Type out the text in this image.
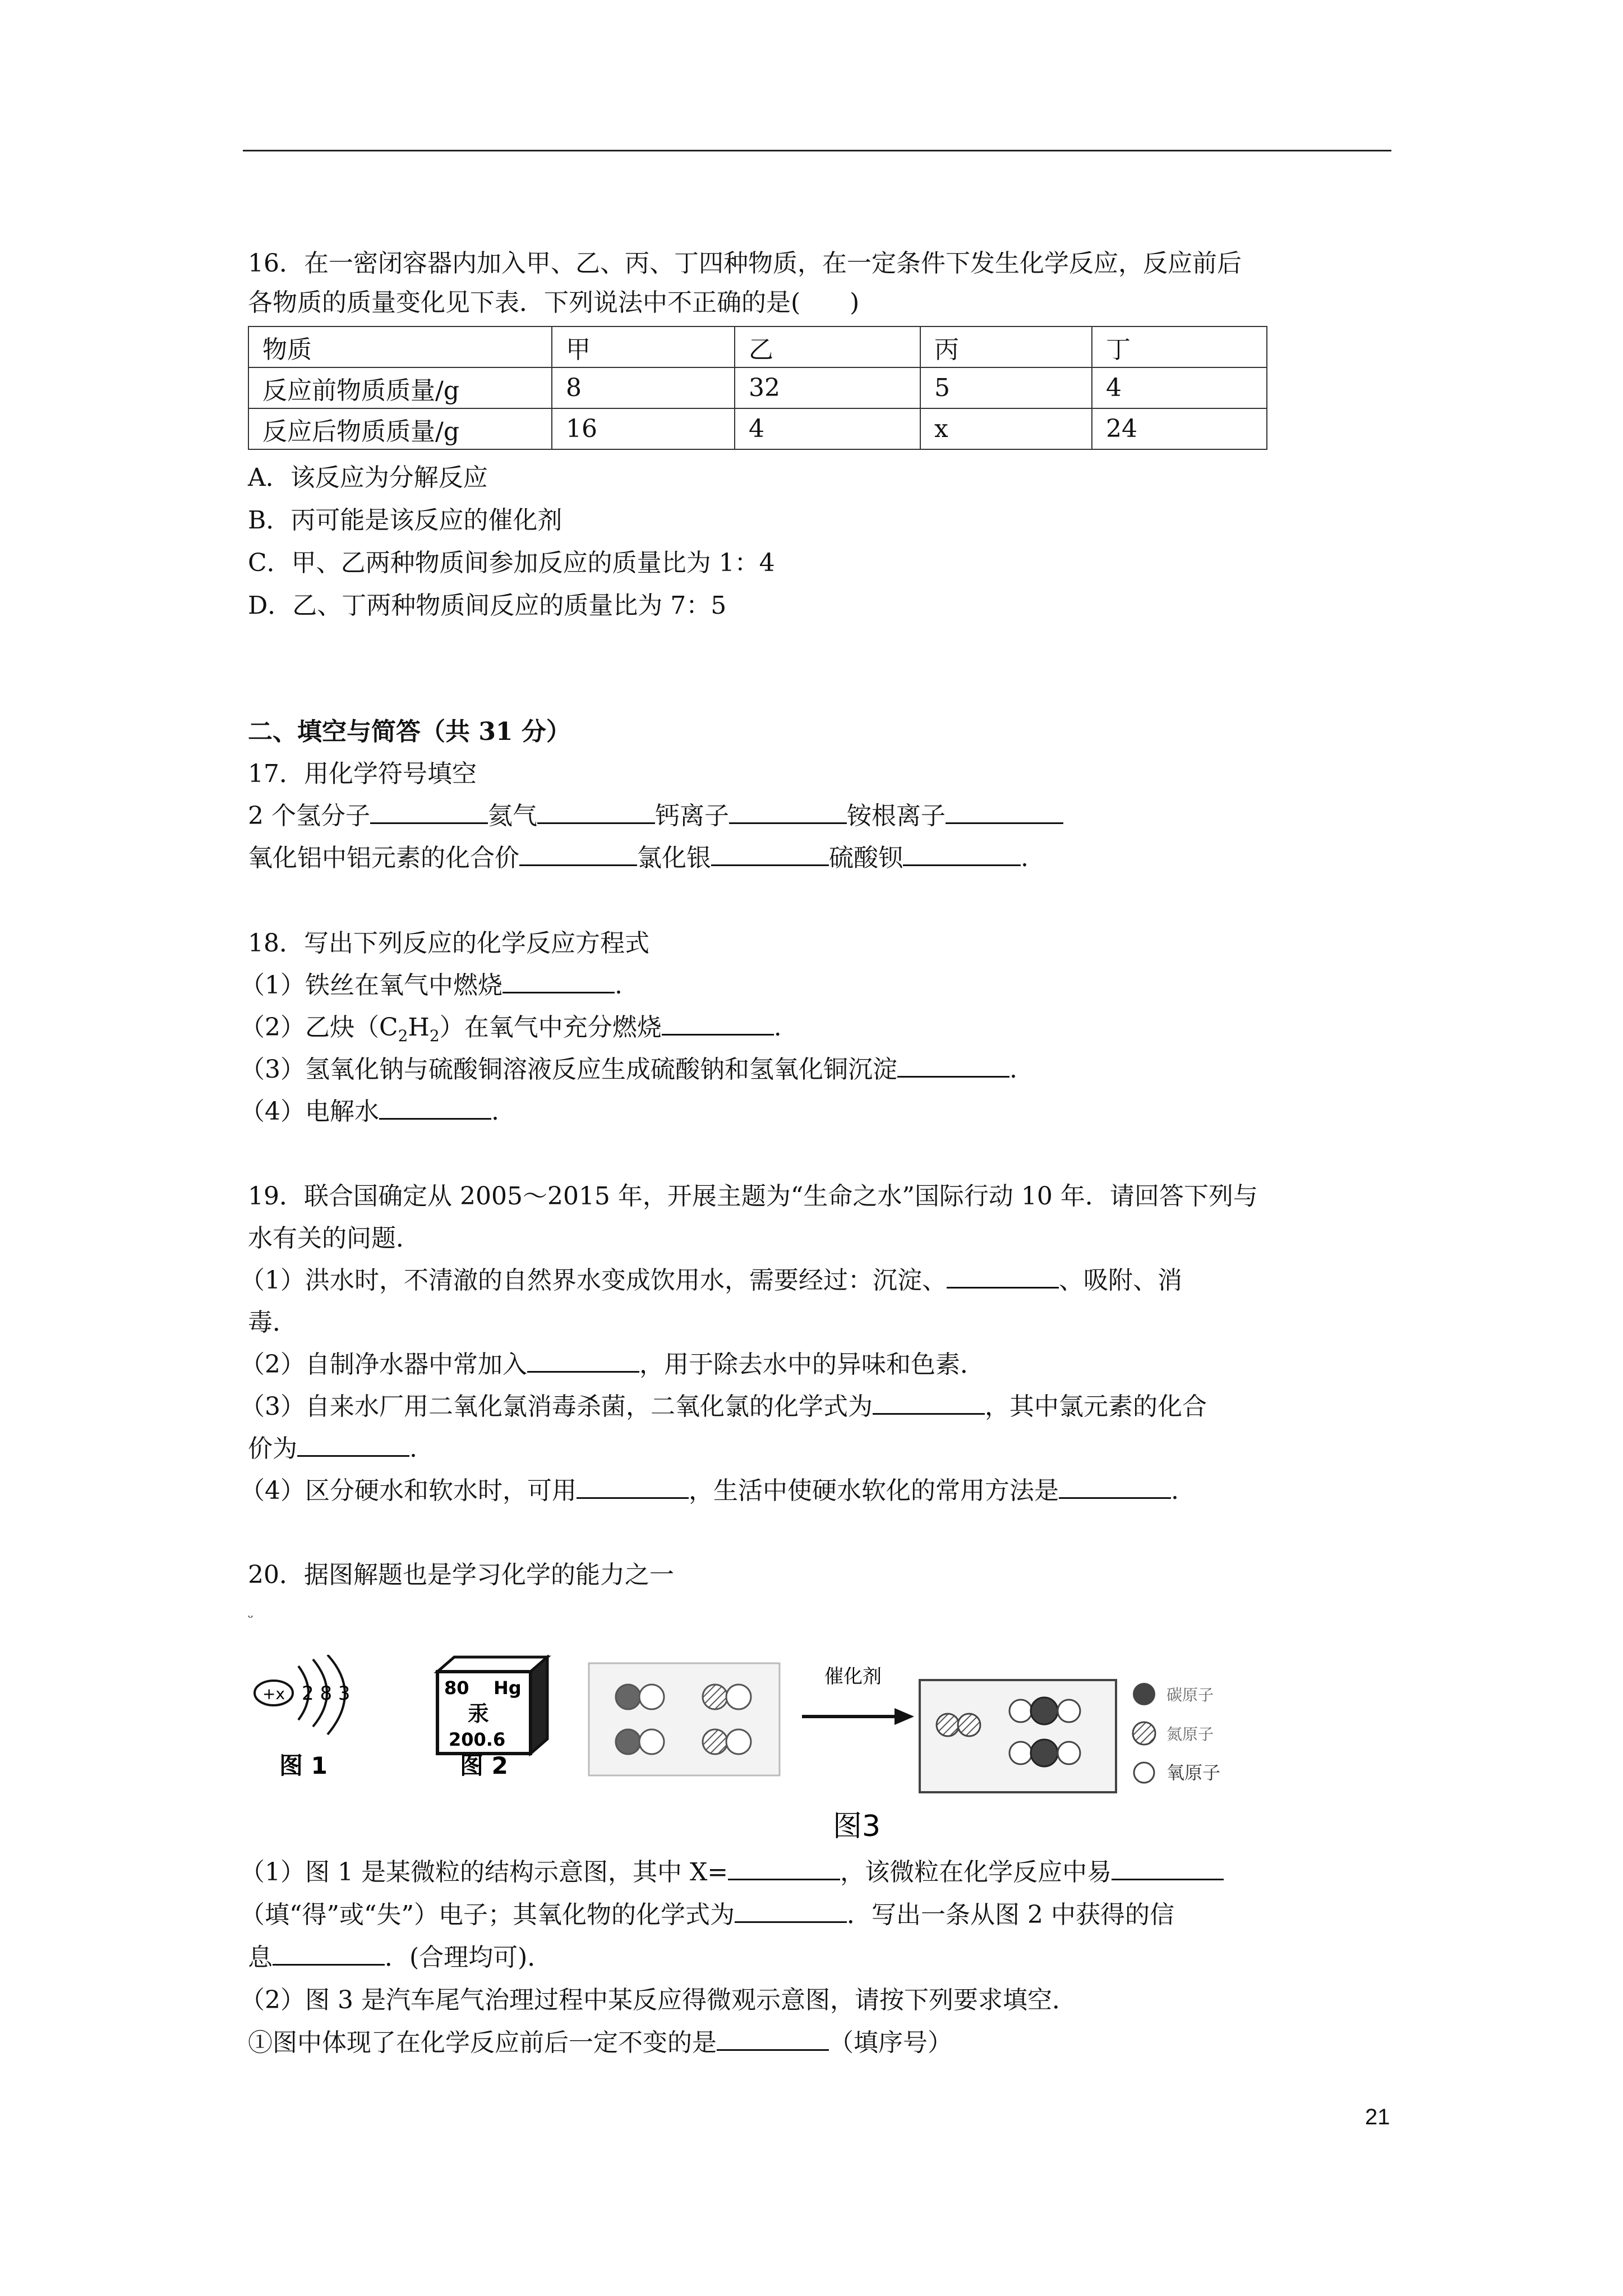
16．在一密闭容器内加入甲、乙、丙、丁四种物质，在一定条件下发生化学反应，反应前后
各物质的质量变化见下表．下列说法中不正确的是(　　)
物质	甲	乙	丙	丁
反应前物质质量/g	8	32	5	4
反应后物质质量/g	16	4	x	24
A．该反应为分解反应
B．丙可能是该反应的催化剂
C．甲、乙两种物质间参加反应的质量比为 1：4
D．乙、丁两种物质间反应的质量比为 7：5
二、填空与简答（共 31 分）
17．用化学符号填空
2 个氢分子	氦气	钙离子	铵根离子
氧化铝中铝元素的化合价	氯化银	硫酸钡	.
18．写出下列反应的化学反应方程式
（1）铁丝在氧气中燃烧	.
（2）乙炔$(C_2H_2)$在氧气中充分燃烧	.
（3）氢氧化钠与硫酸铜溶液反应生成硫酸钠和氢氧化铜沉淀	.
（4）电解水	.
19．联合国确定从 2005～2015 年，开展主题为“生命之水”国际行动 10 年．请回答下列与
水有关的问题．
（1）洪水时，不清澈的自然界水变成饮用水，需要经过：沉淀、	、吸附、消
毒．
（2）自制净水器中常加入	，用于除去水中的异味和色素．
（3）自来水厂用二氧化氯消毒杀菌，二氧化氯的化学式为	，其中氯元素的化合
价为	.
（4）区分硬水和软水时，可用	，生活中使硬水软化的常用方法是	.
20．据图解题也是学习化学的能力之一
ᵕ
+x 2 8 3
图 1
80 Hg
汞
200.6
图 2
催化剂
碳原子
氮原子
氧原子
图3
（1）图 1 是某微粒的结构示意图，其中 X=	，该微粒在化学反应中易
（填“得”或“失”）电子；其氧化物的化学式为	．写出一条从图 2 中获得的信
息	．(合理均可)．
（2）图 3 是汽车尾气治理过程中某反应得微观示意图，请按下列要求填空．
①图中体现了在化学反应前后一定不变的是	（填序号）
21
